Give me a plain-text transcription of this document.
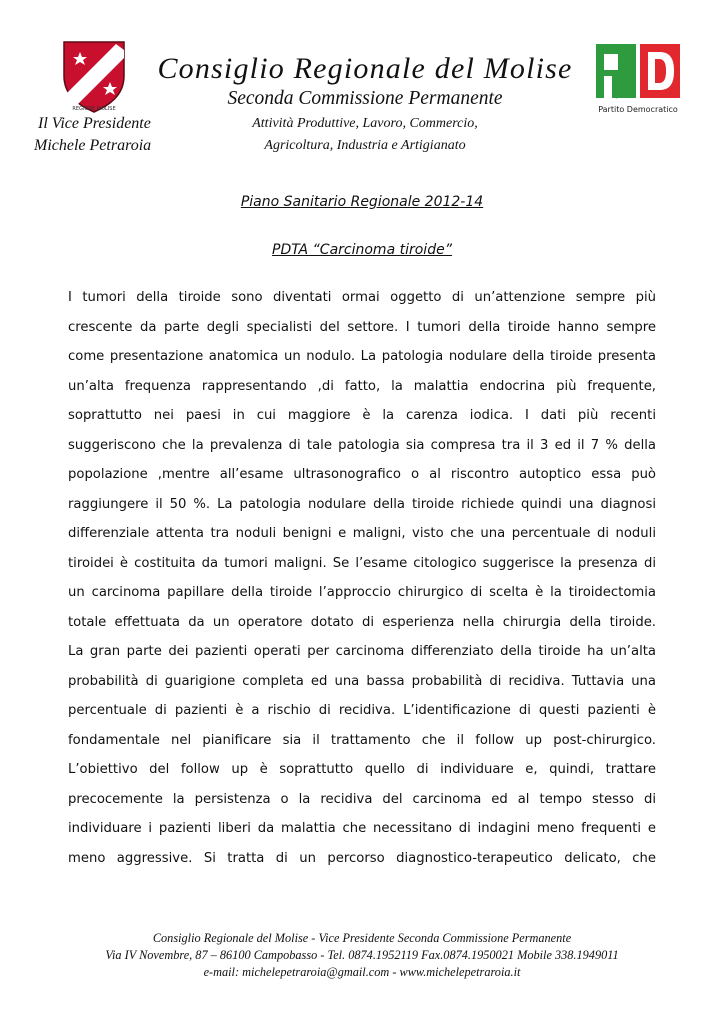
REGIONE MOLISE	Partito Democratico
Consiglio Regionale del Molise
Seconda Commissione Permanente
Attività Produttive, Lavoro, Commercio,
Agricoltura, Industria e Artigianato
Il Vice Presidente
Michele Petraroia
Piano Sanitario Regionale 2012-14
PDTA “Carcinoma tiroide”
I tumori della tiroide sono diventati ormai oggetto di un’attenzione sempre più
crescente da parte degli specialisti del settore. I tumori della tiroide hanno sempre
come presentazione anatomica un nodulo. La patologia nodulare della tiroide presenta
un’alta frequenza rappresentando ,di fatto, la malattia endocrina più frequente,
soprattutto nei paesi in cui maggiore è la carenza iodica. I dati più recenti
suggeriscono che la prevalenza di tale patologia sia compresa tra il 3 ed il 7 % della
popolazione ,mentre all’esame ultrasonografico o al riscontro autoptico essa può
raggiungere il 50 %. La patologia nodulare della tiroide richiede quindi una diagnosi
differenziale attenta tra noduli benigni e maligni, visto che una percentuale di noduli
tiroidei è costituita da tumori maligni. Se l’esame citologico suggerisce la presenza di
un carcinoma papillare della tiroide l’approccio chirurgico di scelta è la tiroidectomia
totale effettuata da un operatore dotato di esperienza nella chirurgia della tiroide.
La gran parte dei pazienti operati per carcinoma differenziato della tiroide ha un’alta
probabilità di guarigione completa ed una bassa probabilità di recidiva. Tuttavia una
percentuale di pazienti è a rischio di recidiva. L’identificazione di questi pazienti è
fondamentale nel pianificare sia il trattamento che il follow up post-chirurgico.
L’obiettivo del follow up è soprattutto quello di individuare e, quindi, trattare
precocemente la persistenza o la recidiva del carcinoma ed al tempo stesso di
individuare i pazienti liberi da malattia che necessitano di indagini meno frequenti e
meno aggressive. Si tratta di un percorso diagnostico-terapeutico delicato, che
Consiglio Regionale del Molise - Vice Presidente Seconda Commissione Permanente
Via IV Novembre, 87 – 86100 Campobasso - Tel. 0874.1952119 Fax.0874.1950021 Mobile 338.1949011
e-mail: michelepetraroia@gmail.com - www.michelepetraroia.it
